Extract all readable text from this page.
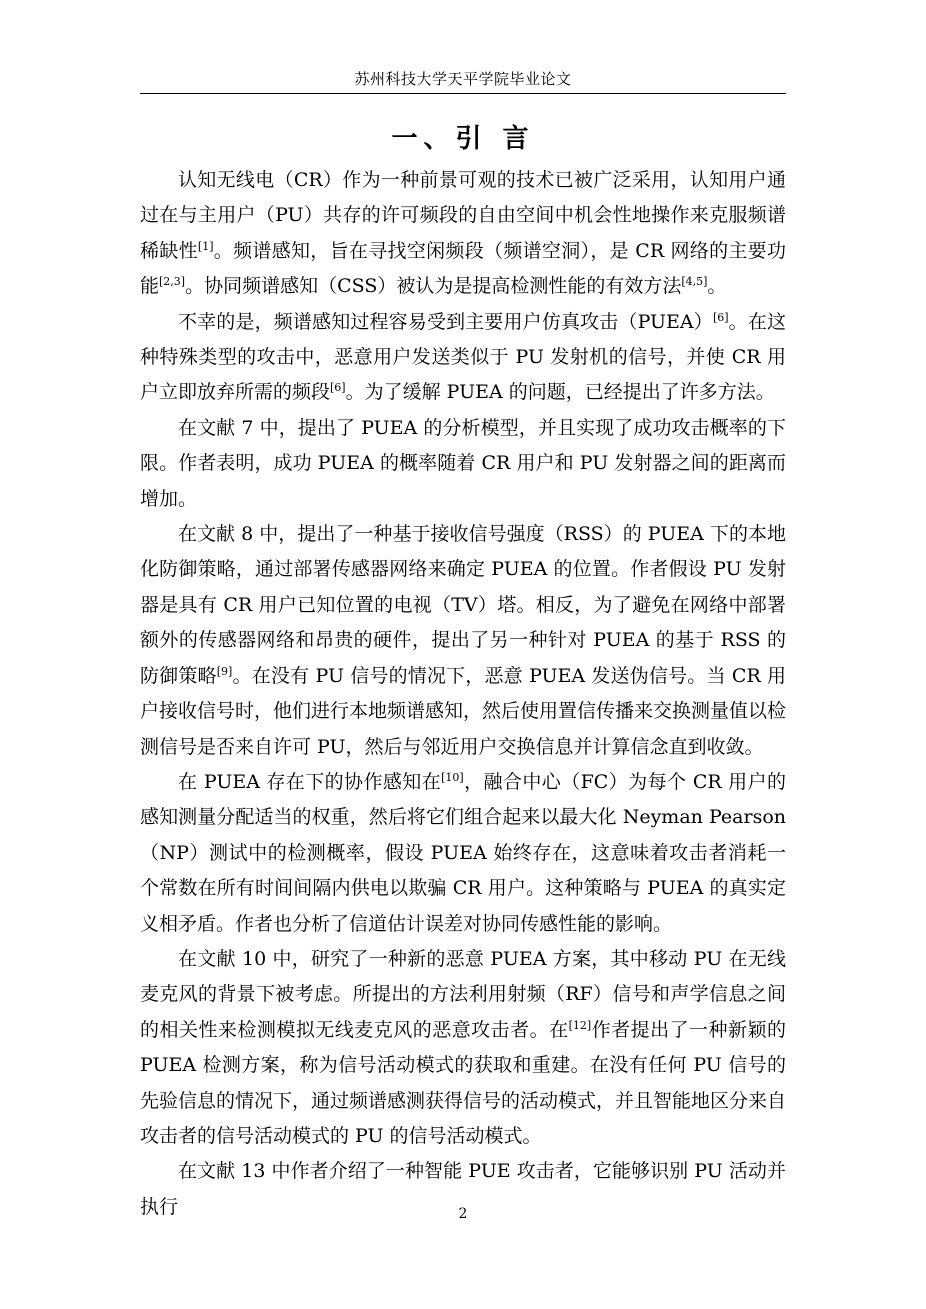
苏州科技大学天平学院毕业论文
一、引 言

认知无线电（CR）作为一种前景可观的技术已被广泛采用，认知用户通过在与主用户（PU）共存的许可频段的自由空间中机会性地操作来克服频谱稀缺性[1]。频谱感知，旨在寻找空闲频段（频谱空洞），是 CR 网络的主要功能[2,3]。协同频谱感知（CSS）被认为是提高检测性能的有效方法[4,5]。

不幸的是，频谱感知过程容易受到主要用户仿真攻击（PUEA）[6]。在这种特殊类型的攻击中，恶意用户发送类似于 PU 发射机的信号，并使 CR 用户立即放弃所需的频段[6]。为了缓解 PUEA 的问题，已经提出了许多方法。

在文献 7 中，提出了 PUEA 的分析模型，并且实现了成功攻击概率的下限。作者表明，成功 PUEA 的概率随着 CR 用户和 PU 发射器之间的距离而增加。

在文献 8 中，提出了一种基于接收信号强度（RSS）的 PUEA 下的本地化防御策略，通过部署传感器网络来确定 PUEA 的位置。作者假设 PU 发射器是具有 CR 用户已知位置的电视（TV）塔。相反，为了避免在网络中部署额外的传感器网络和昂贵的硬件，提出了另一种针对 PUEA 的基于 RSS 的防御策略[9]。在没有 PU 信号的情况下，恶意 PUEA 发送伪信号。当 CR 用户接收信号时，他们进行本地频谱感知，然后使用置信传播来交换测量值以检测信号是否来自许可 PU，然后与邻近用户交换信息并计算信念直到收敛。

在 PUEA 存在下的协作感知在[10]，融合中心（FC）为每个 CR 用户的感知测量分配适当的权重，然后将它们组合起来以最大化 Neyman Pearson（NP）测试中的检测概率，假设 PUEA 始终存在，这意味着攻击者消耗一个常数在所有时间间隔内供电以欺骗 CR 用户。这种策略与 PUEA 的真实定义相矛盾。作者也分析了信道估计误差对协同传感性能的影响。

在文献 10 中，研究了一种新的恶意 PUEA 方案，其中移动 PU 在无线麦克风的背景下被考虑。所提出的方法利用射频（RF）信号和声学信息之间的相关性来检测模拟无线麦克风的恶意攻击者。在[12]作者提出了一种新颖的 PUEA 检测方案，称为信号活动模式的获取和重建。在没有任何 PU 信号的先验信息的情况下，通过频谱感测获得信号的活动模式，并且智能地区分来自攻击者的信号活动模式的 PU 的信号活动模式。

在文献 13 中作者介绍了一种智能 PUE 攻击者，它能够识别 PU 活动并执行	2
